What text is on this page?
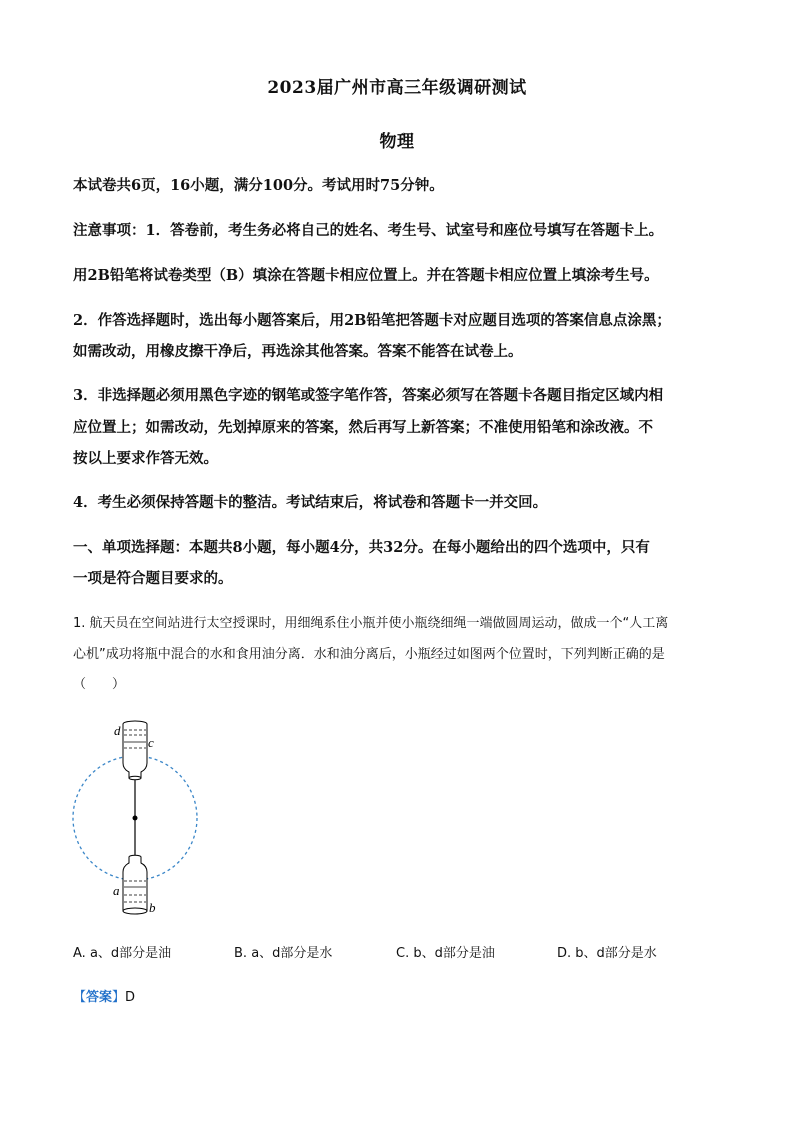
2023届广州市高三年级调研测试
物理
本试卷共6页，16小题，满分100分。考试用时75分钟。
注意事项：1．答卷前，考生务必将自己的姓名、考生号、试室号和座位号填写在答题卡上。
用2B铅笔将试卷类型（B）填涂在答题卡相应位置上。并在答题卡相应位置上填涂考生号。
2．作答选择题时，选出每小题答案后，用2B铅笔把答题卡对应题目选项的答案信息点涂黑；
如需改动，用橡皮擦干净后，再选涂其他答案。答案不能答在试卷上。
3．非选择题必须用黑色字迹的钢笔或签字笔作答，答案必须写在答题卡各题目指定区域内相
应位置上；如需改动，先划掉原来的答案，然后再写上新答案；不准使用铅笔和涂改液。不
按以上要求作答无效。
4．考生必须保持答题卡的整洁。考试结束后，将试卷和答题卡一并交回。
一、单项选择题：本题共8小题，每小题4分，共32分。在每小题给出的四个选项中，只有
一项是符合题目要求的。
1. 航天员在空间站进行太空授课时，用细绳系住小瓶并使小瓶绕细绳一端做圆周运动，做成一个“人工离
心机”成功将瓶中混合的水和食用油分离．水和油分离后，小瓶经过如图两个位置时，下列判断正确的是
（　　）
d
c
a
b
A. a、d部分是油	B. a、d部分是水	C. b、d部分是油	D. b、d部分是水
【答案】D
